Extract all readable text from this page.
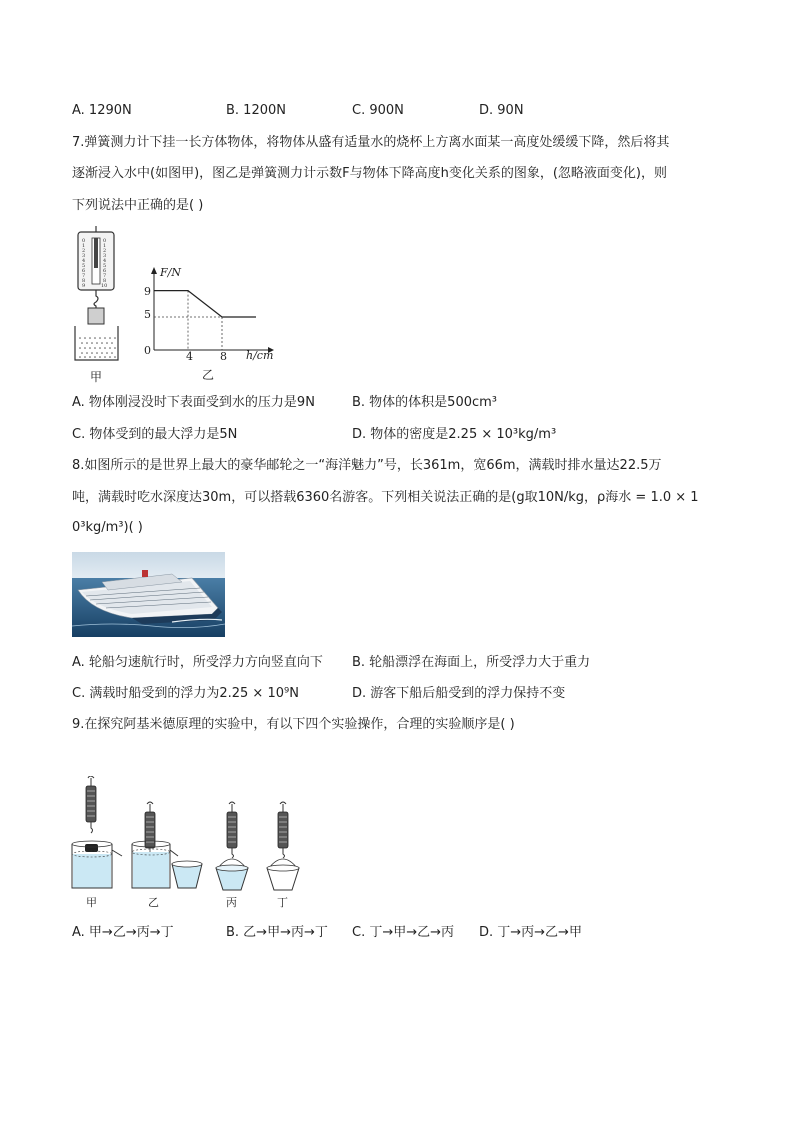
A. 1290N	B. 1200N	C. 900N	D. 90N
7.弹簧测力计下挂一长方体物体，将物体从盛有适量水的烧杯上方离水面某一高度处缓缓下降，然后将其
逐渐浸入水中(如图甲)，图乙是弹簧测力计示数F与物体下降高度h变化关系的图象，(忽略液面变化)，则
下列说法中正确的是( )
0
1
2
3
4
5
6
7
8
9
0
1
2
3
4
5
6
7
8
10
甲
F/N
h/cm
0
9
5
4 8
乙
A. 物体刚浸没时下表面受到水的压力是9N	B. 物体的体积是500cm³
C. 物体受到的最大浮力是5N	D. 物体的密度是2.25 × 10³kg/m³
8.如图所示的是世界上最大的豪华邮轮之一“海洋魅力”号，长361m，宽66m，满载时排水量达22.5万
吨，满载时吃水深度达30m，可以搭载6360名游客。下列相关说法正确的是(g取10N/kg，ρ海水 = 1.0 × 1
0³kg/m³)( )
A. 轮船匀速航行时，所受浮力方向竖直向下 B. 轮船漂浮在海面上，所受浮力大于重力
C. 满载时船受到的浮力为2.25 × 10⁹N	D. 游客下船后船受到的浮力保持不变
9.在探究阿基米德原理的实验中，有以下四个实验操作，合理的实验顺序是( )
甲	乙	丙	丁
A. 甲→乙→丙→丁	B. 乙→甲→丙→丁 C. 丁→甲→乙→丙 D. 丁→丙→乙→甲
